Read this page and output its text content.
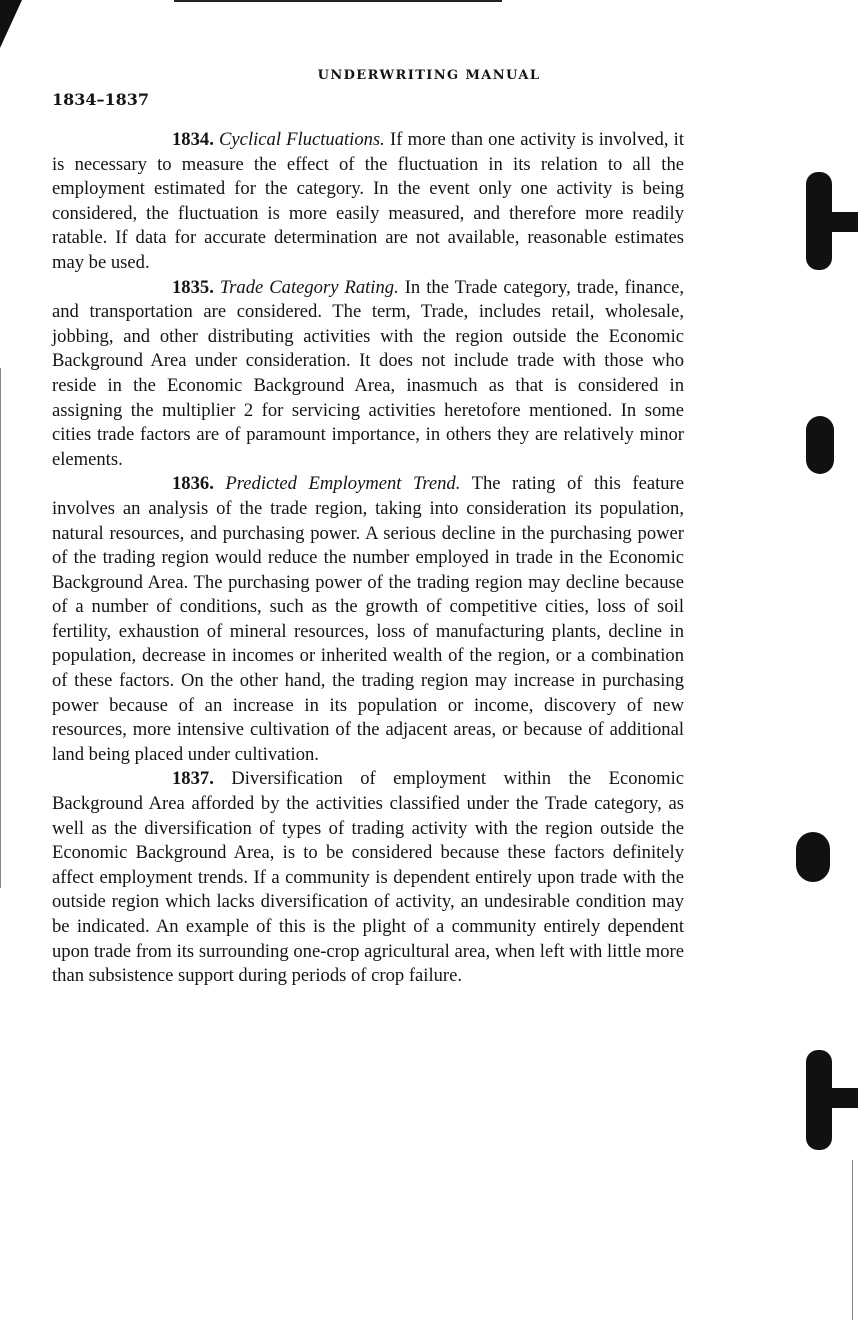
UNDERWRITING MANUAL
1834–1837

1834. Cyclical Fluctuations. If more than one activity is involved, it is necessary to measure the effect of the fluctuation in its relation to all the employment estimated for the category. In the event only one activity is being considered, the fluctuation is more easily measured, and therefore more readily ratable. If data for accurate determination are not available, reasonable estimates may be used.

1835. Trade Category Rating. In the Trade category, trade, finance, and transportation are considered. The term, Trade, includes retail, wholesale, jobbing, and other distributing activities with the region outside the Economic Background Area under consideration. It does not include trade with those who reside in the Economic Background Area, inasmuch as that is considered in assigning the multiplier 2 for servicing activities heretofore mentioned. In some cities trade factors are of paramount importance, in others they are relatively minor elements.

1836. Predicted Employment Trend. The rating of this feature involves an analysis of the trade region, taking into consideration its population, natural resources, and purchasing power. A serious decline in the purchasing power of the trading region would reduce the number employed in trade in the Economic Background Area. The purchasing power of the trading region may decline because of a number of conditions, such as the growth of competitive cities, loss of soil fertility, exhaustion of mineral resources, loss of manufacturing plants, decline in population, decrease in incomes or inherited wealth of the region, or a combination of these factors. On the other hand, the trading region may increase in purchasing power because of an increase in its population or income, discovery of new resources, more intensive cultivation of the adjacent areas, or because of additional land being placed under cultivation.

1837. Diversification of employment within the Economic Background Area afforded by the activities classified under the Trade category, as well as the diversification of types of trading activity with the region outside the Economic Background Area, is to be considered because these factors definitely affect employment trends. If a community is dependent entirely upon trade with the outside region which lacks diversification of activity, an undesirable condition may be indicated. An example of this is the plight of a community entirely dependent upon trade from its surrounding one-crop agricultural area, when left with little more than subsistence support during periods of crop failure.
